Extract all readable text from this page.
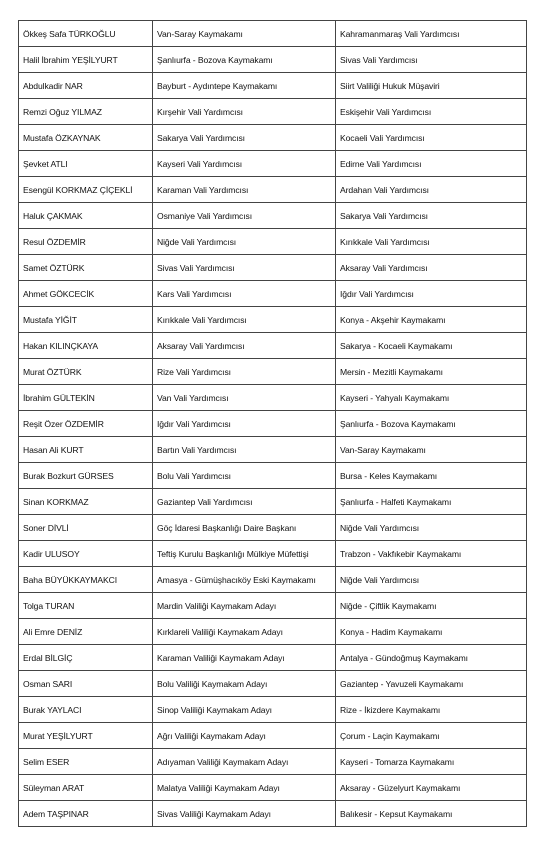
Ökkeş Safa TÜRKOĞLU	Van-Saray Kaymakamı	Kahramanmaraş Vali Yardımcısı
Halil İbrahim YEŞİLYURT	Şanlıurfa - Bozova Kaymakamı	Sivas Vali Yardımcısı
Abdulkadir NAR	Bayburt - Aydıntepe Kaymakamı	Siirt Valiliği Hukuk Müşaviri
Remzi Oğuz YILMAZ	Kırşehir Vali Yardımcısı	Eskişehir Vali Yardımcısı
Mustafa ÖZKAYNAK	Sakarya Vali Yardımcısı	Kocaeli Vali Yardımcısı
Şevket ATLI	Kayseri Vali Yardımcısı	Edirne Vali Yardımcısı
Esengül KORKMAZ ÇİÇEKLİ	Karaman Vali Yardımcısı	Ardahan Vali Yardımcısı
Haluk ÇAKMAK	Osmaniye Vali Yardımcısı	Sakarya Vali Yardımcısı
Resul ÖZDEMİR	Niğde Vali Yardımcısı	Kırıkkale Vali Yardımcısı
Samet ÖZTÜRK	Sivas Vali Yardımcısı	Aksaray Vali Yardımcısı
Ahmet GÖKCECİK	Kars Vali Yardımcısı	Iğdır Vali Yardımcısı
Mustafa YİĞİT	Kırıkkale Vali Yardımcısı	Konya - Akşehir Kaymakamı
Hakan KILINÇKAYA	Aksaray Vali Yardımcısı	Sakarya - Kocaeli Kaymakamı
Murat ÖZTÜRK	Rize Vali Yardımcısı	Mersin - Mezitli Kaymakamı
İbrahim GÜLTEKİN	Van Vali Yardımcısı	Kayseri - Yahyalı Kaymakamı
Reşit Özer ÖZDEMİR	Iğdır Vali Yardımcısı	Şanlıurfa - Bozova Kaymakamı
Hasan Ali KURT	Bartın Vali Yardımcısı	Van-Saray Kaymakamı
Burak Bozkurt GÜRSES	Bolu Vali Yardımcısı	Bursa - Keles Kaymakamı
Sinan KORKMAZ	Gaziantep Vali Yardımcısı	Şanlıurfa - Halfeti Kaymakamı
Soner DİVLİ	Göç İdaresi Başkanlığı Daire Başkanı	Niğde Vali Yardımcısı
Kadir ULUSOY	Teftiş Kurulu Başkanlığı Mülkiye Müfettişi	Trabzon - Vakfıkebir Kaymakamı
Baha BÜYÜKKAYMAKCI	Amasya - Gümüşhacıköy Eski Kaymakamı	Niğde Vali Yardımcısı
Tolga TURAN	Mardin Valiliği Kaymakam Adayı	Niğde - Çiftlik Kaymakamı
Ali Emre DENİZ	Kırklareli Valiliği Kaymakam Adayı	Konya - Hadim Kaymakamı
Erdal BİLGİÇ	Karaman Valiliği Kaymakam Adayı	Antalya - Gündoğmuş Kaymakamı
Osman SARI	Bolu Valiliği Kaymakam Adayı	Gaziantep - Yavuzeli Kaymakamı
Burak YAYLACI	Sinop Valiliği Kaymakam Adayı	Rize - İkizdere Kaymakamı
Murat YEŞİLYURT	Ağrı Valiliği Kaymakam Adayı	Çorum - Laçin Kaymakamı
Selim ESER	Adıyaman Valiliği Kaymakam Adayı	Kayseri - Tomarza Kaymakamı
Süleyman ARAT	Malatya Valiliği Kaymakam Adayı	Aksaray - Güzelyurt Kaymakamı
Adem TAŞPINAR	Sivas Valiliği Kaymakam Adayı	Balıkesir - Kepsut Kaymakamı
